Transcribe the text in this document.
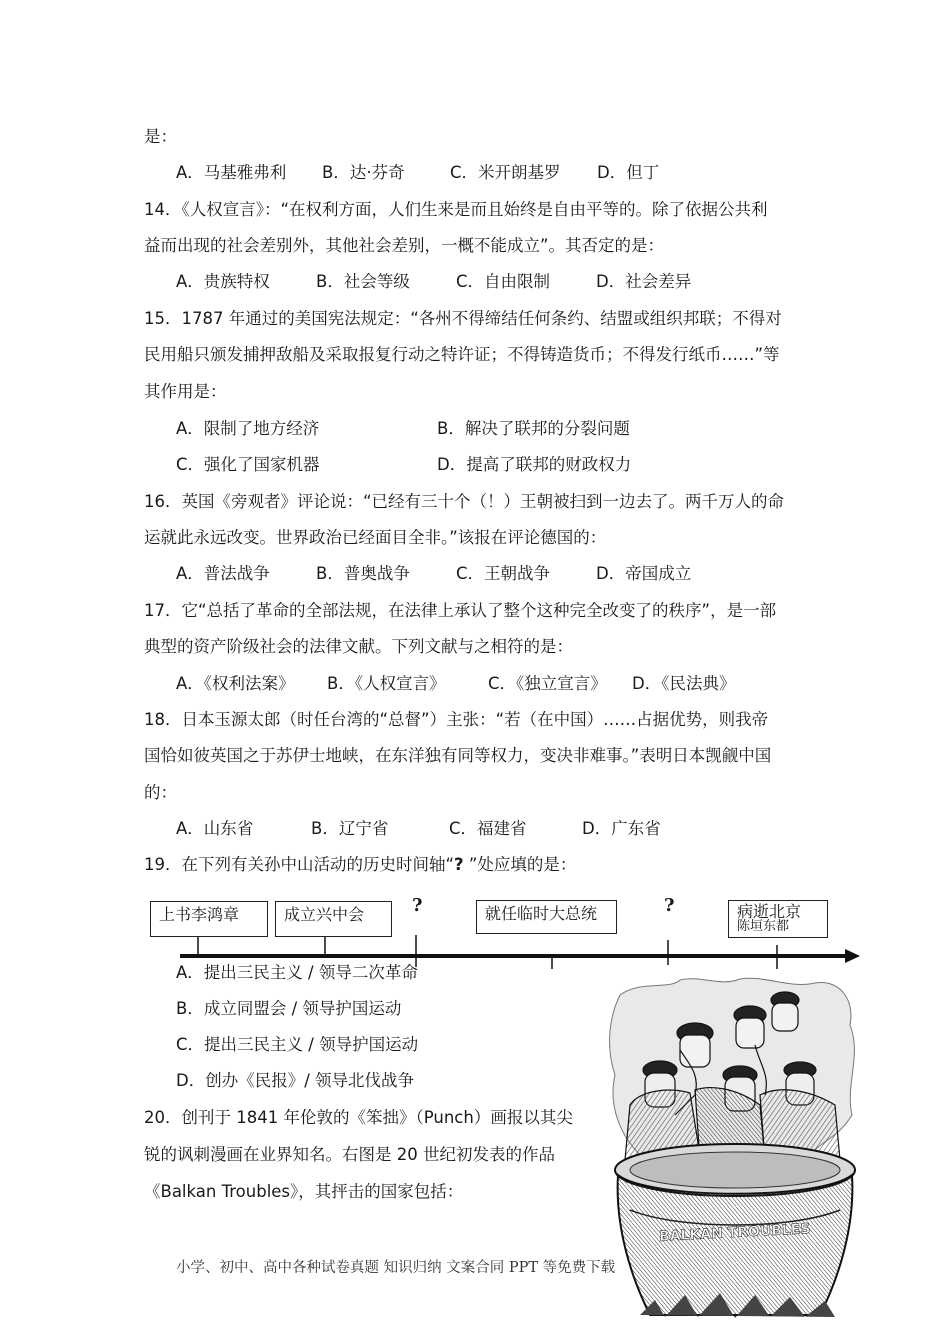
是：
A．马基雅弗利 B．达·芬奇	C．米开朗基罗 D．但丁
14．《人权宣言》：“在权利方面，人们生来是而且始终是自由平等的。除了依据公共利
益而出现的社会差别外，其他社会差别，一概不能成立”。其否定的是：
A．贵族特权	B．社会等级	C．自由限制	D．社会差异
15．1787 年通过的美国宪法规定：“各州不得缔结任何条约、结盟或组织邦联；不得对
民用船只颁发捕押敌船及采取报复行动之特许证；不得铸造货币；不得发行纸币……”等
其作用是：
A．限制了地方经济	B．解决了联邦的分裂问题
C．强化了国家机器	D．提高了联邦的财政权力
16．英国《旁观者》评论说：“已经有三十个（！）王朝被扫到一边去了。两千万人的命
运就此永远改变。世界政治已经面目全非。”该报在评论德国的：
A．普法战争	B．普奥战争	C．王朝战争	D．帝国成立
17．它“总括了革命的全部法规，在法律上承认了整个这种完全改变了的秩序”，是一部
典型的资产阶级社会的法律文献。下列文献与之相符的是：
A．《权利法案》 B．《人权宣言》	C．《独立宣言》 D．《民法典》
18．日本玉源太郎（时任台湾的“总督”）主张：“若（在中国）……占据优势，则我帝
国恰如彼英国之于苏伊士地峡，在东洋独有同等权力，变决非难事。”表明日本觊觎中国
的：
A．山东省	B．辽宁省	C．福建省	D．广东省
19．在下列有关孙中山活动的历史时间轴“? ”处应填的是：
上书李鸿章	成立兴中会	就任临时大总统	病逝北京
陈垣东都
?	?
A．提出三民主义 / 领导二次革命
B．成立同盟会 / 领导护国运动
C．提出三民主义 / 领导护国运动
D．创办《民报》/ 领导北伐战争
20．创刊于 1841 年伦敦的《笨拙》（Punch）画报以其尖
锐的讽刺漫画在业界知名。右图是 20 世纪初发表的作品
《Balkan Troubles》，其抨击的国家包括：
BALKAN TROUBLES
小学、初中、高中各种试卷真题 知识归纳 文案合同 PPT 等免费下载
